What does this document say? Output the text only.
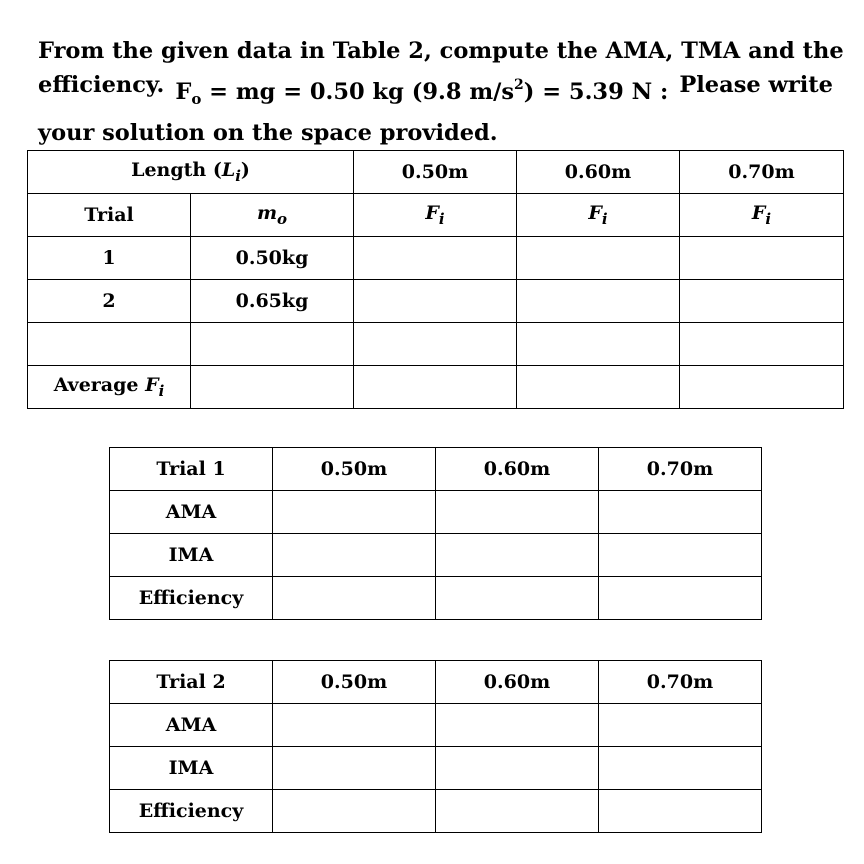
From the given data in Table 2, compute the AMA, TMA and the
efficiency. $F_o$ = mg = 0.50 kg (9.8 $m/s^2) = 5.39$ N : Please write
your solution on the space provided.
Length $(L_i)$		0.50m	0.60m	0.70m
Trial	$m_o$	$F_i$	$F_i$	$F_i$
1	0.50kg			
2	0.65kg			

Average $F_i$				
Trial 1	0.50m	0.60m	0.70m
AMA			
IMA			
Efficiency			
Trial 2	0.50m	0.60m	0.70m
AMA			
IMA			
Efficiency			
